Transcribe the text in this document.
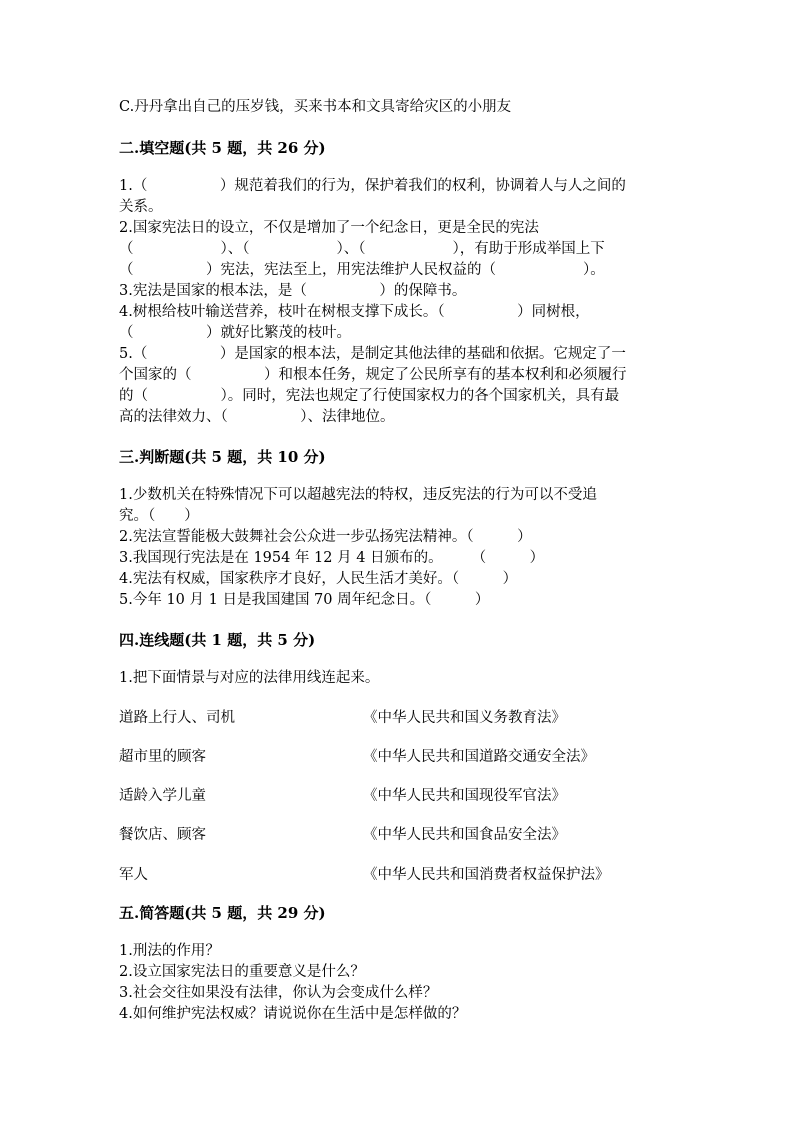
C.丹丹拿出自己的压岁钱，买来书本和文具寄给灾区的小朋友
二.填空题(共 5 题，共 26 分)
1.（　　　　　）规范着我们的行为，保护着我们的权利，协调着人与人之间的
关系。
2.国家宪法日的设立，不仅是增加了一个纪念日，更是全民的宪法
（　　　　　　）、（　　　　　　）、（　　　　　　），有助于形成举国上下
（　　　　　）宪法，宪法至上，用宪法维护人民权益的（　　　　　　）。
3.宪法是国家的根本法，是（　　　　　）的保障书。
4.树根给枝叶输送营养，枝叶在树根支撑下成长。（　　　　　）同树根，
（　　　　　）就好比繁茂的枝叶。
5.（　　　　　）是国家的根本法，是制定其他法律的基础和依据。它规定了一
个国家的（　　　　　）和根本任务，规定了公民所享有的基本权利和必须履行
的（　　　　　）。同时，宪法也规定了行使国家权力的各个国家机关，具有最
高的法律效力、（　　　　　）、法律地位。
三.判断题(共 5 题，共 10 分)
1.少数机关在特殊情况下可以超越宪法的特权，违反宪法的行为可以不受追
究。（　　）
2.宪法宣誓能极大鼓舞社会公众进一步弘扬宪法精神。（　　　）
3.我国现行宪法是在 1954 年 12 月 4 日颁布的。　　　（　　　）
4.宪法有权威，国家秩序才良好，人民生活才美好。（　　　）
5.今年 10 月 1 日是我国建国 70 周年纪念日。（　　　）
四.连线题(共 1 题，共 5 分)
1.把下面情景与对应的法律用线连起来。
道路上行人、司机	《中华人民共和国义务教育法》
超市里的顾客	《中华人民共和国道路交通安全法》
适龄入学儿童	《中华人民共和国现役军官法》
餐饮店、顾客	《中华人民共和国食品安全法》
军人	《中华人民共和国消费者权益保护法》
五.简答题(共 5 题，共 29 分)
1.刑法的作用？
2.设立国家宪法日的重要意义是什么？
3.社会交往如果没有法律，你认为会变成什么样？
4.如何维护宪法权威？请说说你在生活中是怎样做的？
